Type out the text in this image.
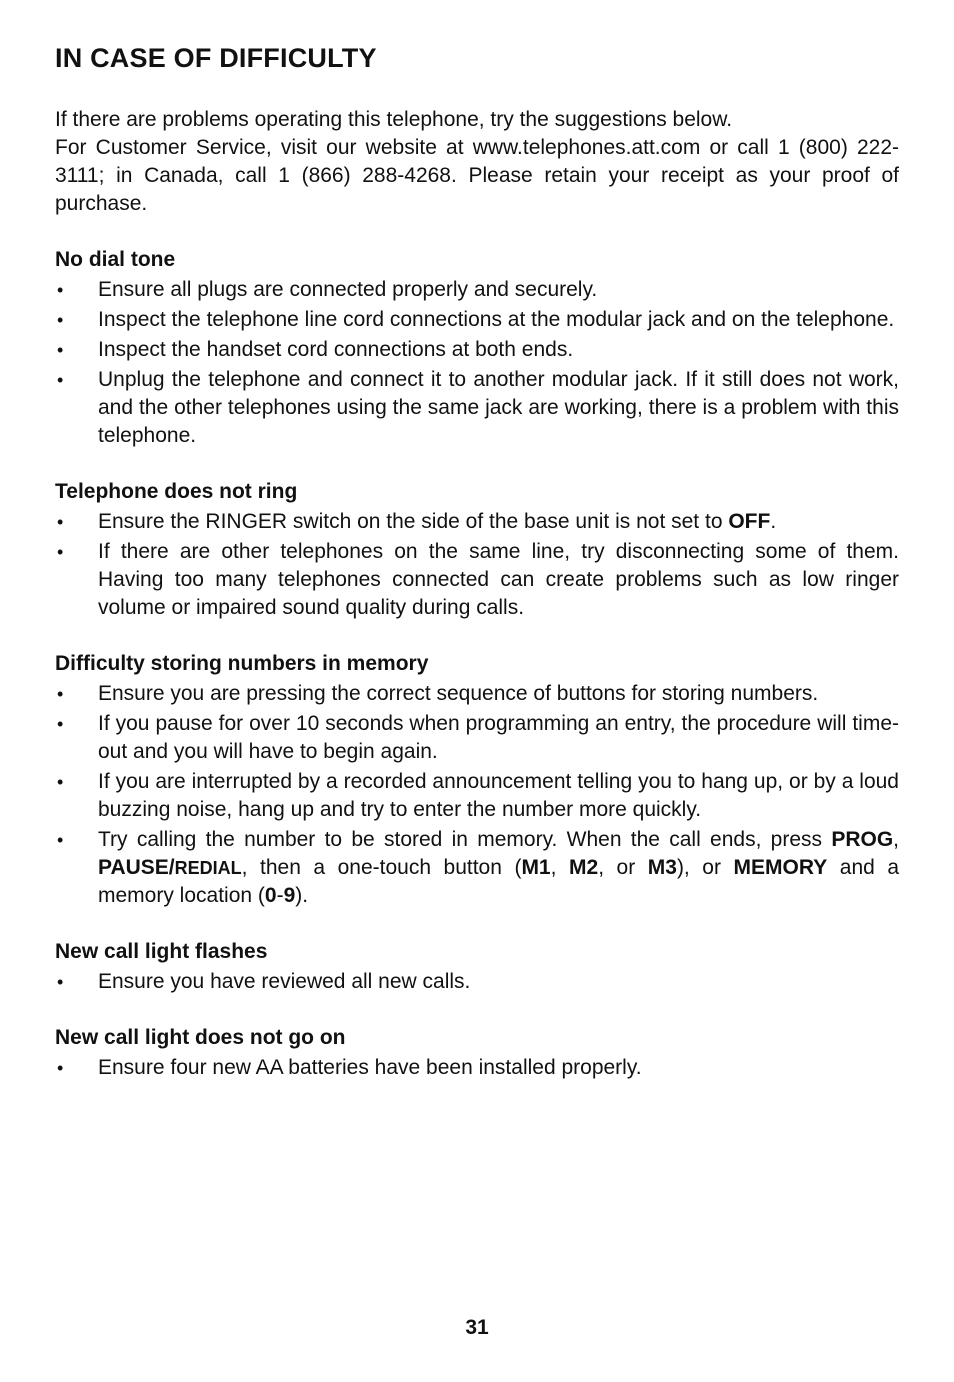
IN CASE OF DIFFICULTY

If there are problems operating this telephone, try the suggestions below.

For Customer Service, visit our website at www.telephones.att.com or call 1 (800) 222-3111; in Canada, call 1 (866) 288-4268. Please retain your receipt as your proof of purchase.

No dial tone
• Ensure all plugs are connected properly and securely.
• Inspect the telephone line cord connections at the modular jack and on the telephone.
• Inspect the handset cord connections at both ends.
• Unplug the telephone and connect it to another modular jack. If it still does not work, and the other telephones using the same jack are working, there is a problem with this telephone.
Telephone does not ring
• Ensure the RINGER switch on the side of the base unit is not set to OFF.
• If there are other telephones on the same line, try disconnecting some of them. Having too many telephones connected can create problems such as low ringer volume or impaired sound quality during calls.
Difficulty storing numbers in memory
• Ensure you are pressing the correct sequence of buttons for storing numbers.
• If you pause for over 10 seconds when programming an entry, the procedure will time-out and you will have to begin again.
• If you are interrupted by a recorded announcement telling you to hang up, or by a loud buzzing noise, hang up and try to enter the number more quickly.
• Try calling the number to be stored in memory. When the call ends, press PROG, PAUSE/REDIAL, then a one-touch button (M1, M2, or M3), or MEMORY and a memory location (0-9).
New call light flashes
• Ensure you have reviewed all new calls.
New call light does not go on
• Ensure four new AA batteries have been installed properly.
31
